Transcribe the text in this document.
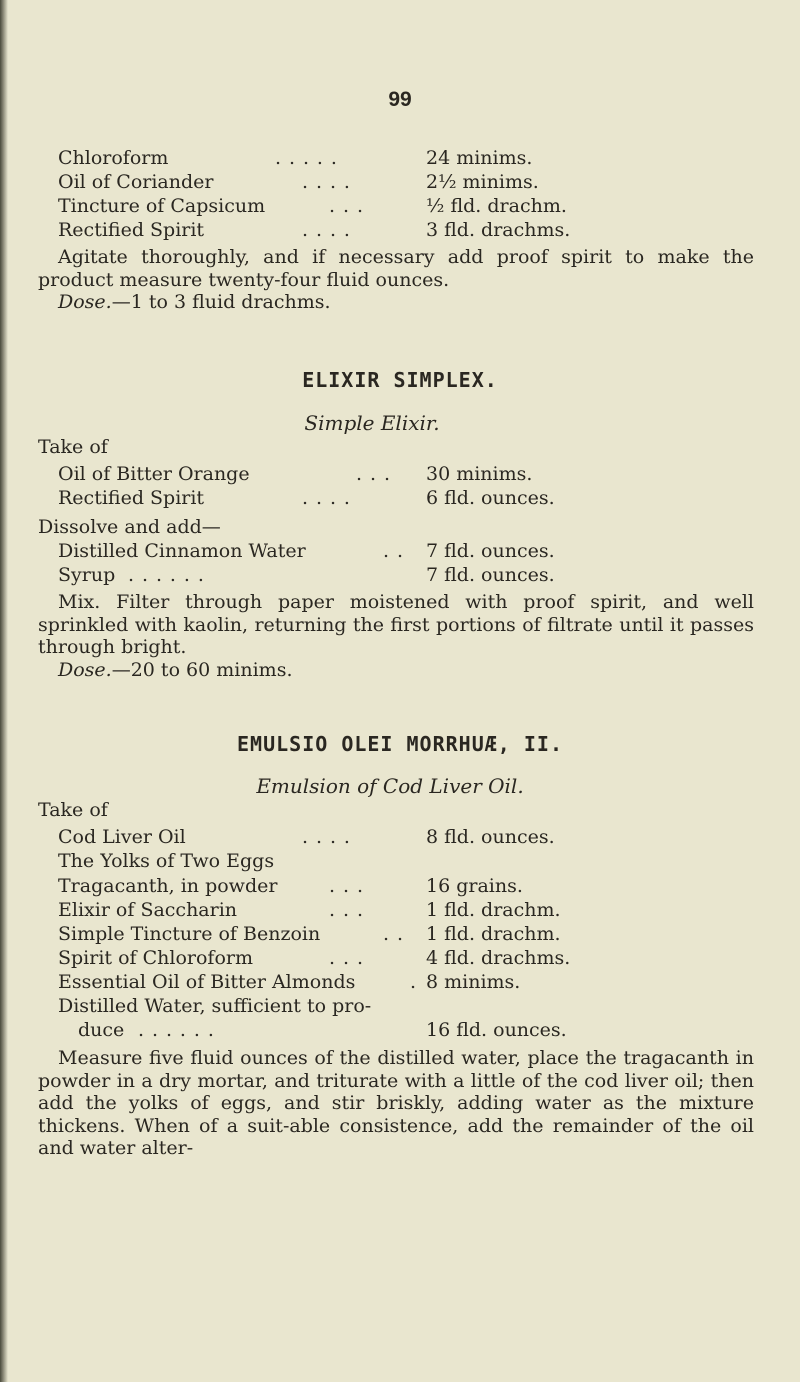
99
Chloroform	. . . . .	24 minims.
Oil of Coriander	. . . .	2½ minims.
Tincture of Capsicum	. . .	½ fld. drachm.
Rectified Spirit	. . . .	3 fld. drachms.
Agitate thoroughly, and if necessary add proof spirit to make the product measure twenty-four fluid ounces.
Dose.—1 to 3 fluid drachms.
ELIXIR SIMPLEX.
Simple Elixir.
Take of
Oil of Bitter Orange	. . . 30 minims.
Rectified Spirit	. . . .	6 fld. ounces.
Dissolve and add—
Distilled Cinnamon Water	. . 7 fld. ounces.
Syrup . . . . . .	7 fld. ounces.
Mix. Filter through paper moistened with proof spirit, and well sprinkled with kaolin, returning the first portions of filtrate until it passes through bright.
Dose.—20 to 60 minims.
EMULSIO OLEI MORRHUÆ, II.
Emulsion of Cod Liver Oil.
Take of
Cod Liver Oil	. . . .	8 fld. ounces.
The Yolks of Two Eggs
Tragacanth, in powder	. . .	16 grains.
Elixir of Saccharin	. . .	1 fld. drachm.
Simple Tincture of Benzoin	. . 1 fld. drachm.
Spirit of Chloroform	. . .	4 fld. drachms.
Essential Oil of Bitter Almonds	. 8 minims.
Distilled Water, sufficient to pro-
duce . . . . . .	16 fld. ounces.
Measure five fluid ounces of the distilled water, place the tragacanth in powder in a dry mortar, and triturate with a little of the cod liver oil; then add the yolks of eggs, and stir briskly, adding water as the mixture thickens. When of a suit-able consistence, add the remainder of the oil and water alter-
